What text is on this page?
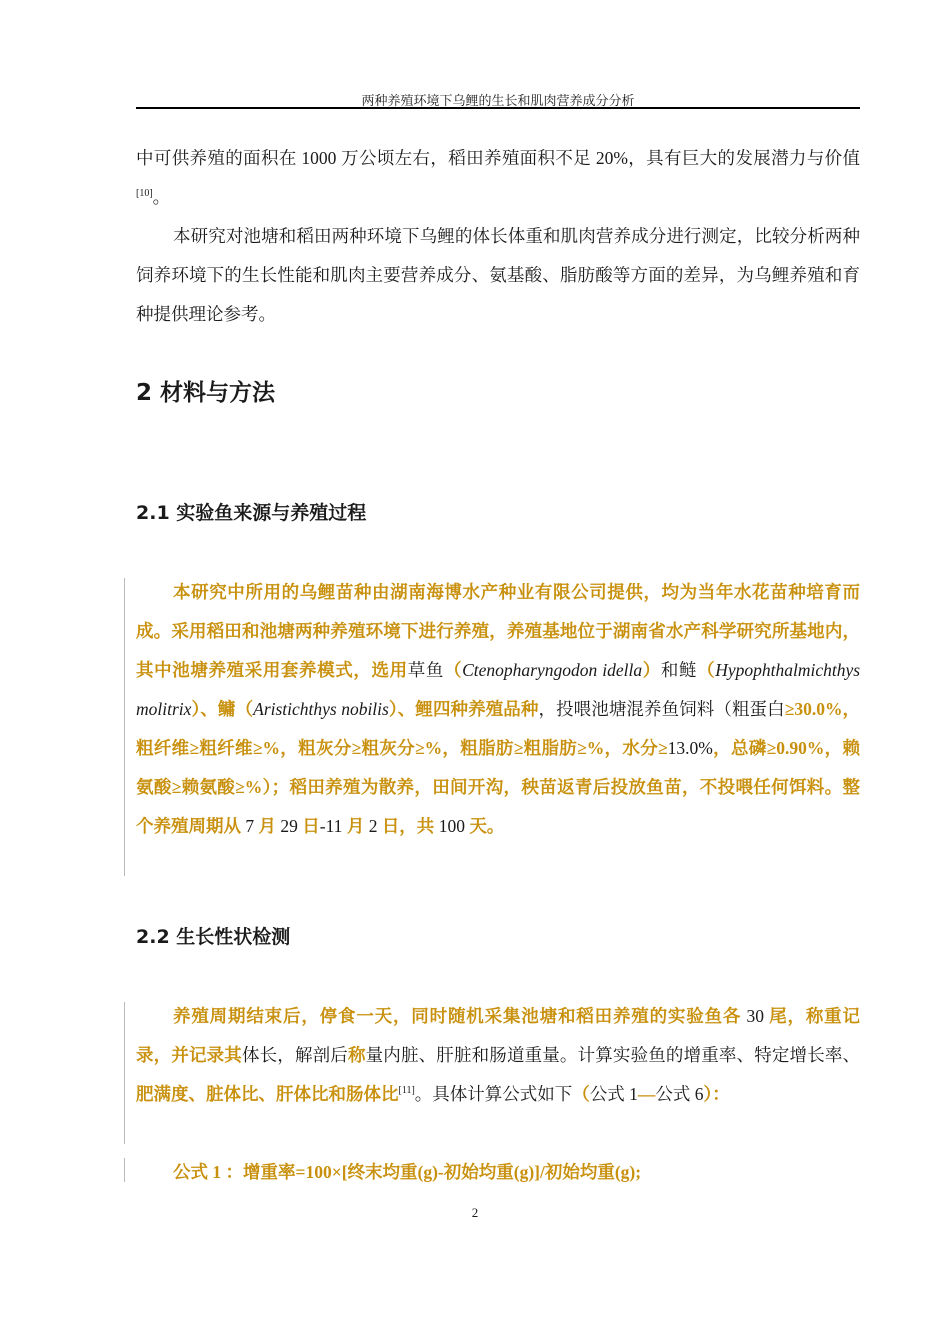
两种养殖环境下乌鲤的生长和肌肉营养成分分析

中可供养殖的面积在 1000 万公顷左右，稻田养殖面积不足 20%，具有巨大的发展潜力与价值[10]。

本研究对池塘和稻田两种环境下乌鲤的体长体重和肌肉营养成分进行测定，比较分析两种饲养环境下的生长性能和肌肉主要营养成分、氨基酸、脂肪酸等方面的差异，为乌鲤养殖和育种提供理论参考。

2 材料与方法
2.1 实验鱼来源与养殖过程
本研究中所用的乌鲤苗种由湖南海博水产种业有限公司提供，均为当年水花苗种培育而成。采用稻田和池塘两种养殖环境下进行养殖，养殖基地位于湖南省水产科学研究所基地内，其中池塘养殖采用套养模式，选用草鱼（Ctenopharyngodon idella）和鲢（Hypophthalmichthys molitrix）、鳙（Aristichthys nobilis）、鲤四种养殖品种，投喂池塘混养鱼饲料（粗蛋白≥30.0%，粗纤维≥粗纤维≥%，粗灰分≥粗灰分≥%，粗脂肪≥粗脂肪≥%，水分≥13.0%，总磷≥0.90%，赖氨酸≥赖氨酸≥%）；稻田养殖为散养，田间开沟，秧苗返青后投放鱼苗，不投喂任何饵料。整个养殖周期从 7 月 29 日-11 月 2 日，共 100 天。
2.2 生长性状检测
养殖周期结束后，停食一天，同时随机采集池塘和稻田养殖的实验鱼各 30 尾，称重记录，并记录其体长，解剖后称量内脏、肝脏和肠道重量。计算实验鱼的增重率、特定增长率、肥满度、脏体比、肝体比和肠体比[11]。具体计算公式如下（公式 1—公式 6）：
公式 1 ：增重率=100×[终末均重(g)-初始均重(g)]/初始均重(g);
2
